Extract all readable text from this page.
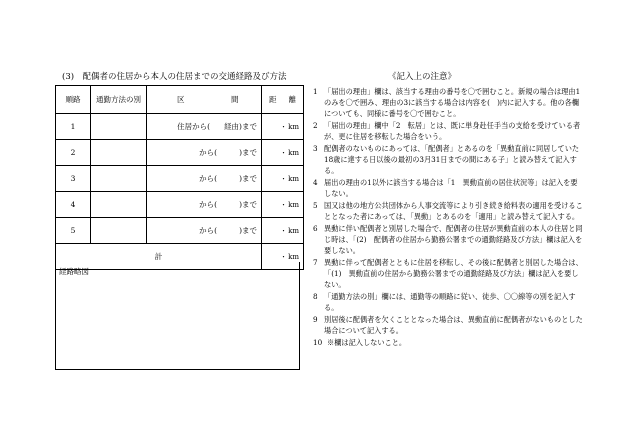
(3)　配偶者の住居から本人の住居までの交通経路及び方法
順路	通勤方法の別	区 間	距 離
1		住居から( 経由)まで	・ km

2		から( )まで	・ km

3		から( )まで	・ km

4		から( )まで	・ km

5		から( )まで	・ km

計			・ km
経路略図
《記入上の注意》
1 「届出の理由」欄は、該当する理由の番号を〇で囲むこと。新規の場合は理由1のみを〇で囲み、理由の3に該当する場合は内容を(　)内に記入する。他の各欄についても、同様に番号を〇で囲むこと。
2 「届出の理由」欄中「2　転居」とは、既に単身赴任手当の支給を受けている者が、更に住居を移転した場合をいう。
3 配偶者のないものにあっては、「配偶者」とあるのを「異動直前に同居していた18歳に達する日以後の最初の3月31日までの間にある子」と読み替えて記入する。
4 届出の理由の1以外に該当する場合は「1　異動直前の居住状況等」は記入を要しない。
5 国又は他の地方公共団体から人事交流等により引き続き給料表の適用を受けることとなった者にあっては、「異動」とあるのを「適用」と読み替えて記入する。
6 異動に伴い配偶者と別居した場合で、配偶者の住居が異動直前の本人の住居と同じ時は、「(2)　配偶者の住居から勤務公署までの通勤経路及び方法」欄は記入を要しない。
7 異動に伴って配偶者とともに住居を移転し、その後に配偶者と別居した場合は、「(1)　異動直前の住居から勤務公署までの通勤経路及び方法」欄は記入を要しない。
8 「通勤方法の別」欄には、通勤等の順路に従い、徒歩、〇〇線等の別を記入する。
9 別居後に配偶者を欠くこととなった場合は、異動直前に配偶者がないものとした場合について記入する。
10 ※欄は記入しないこと。
